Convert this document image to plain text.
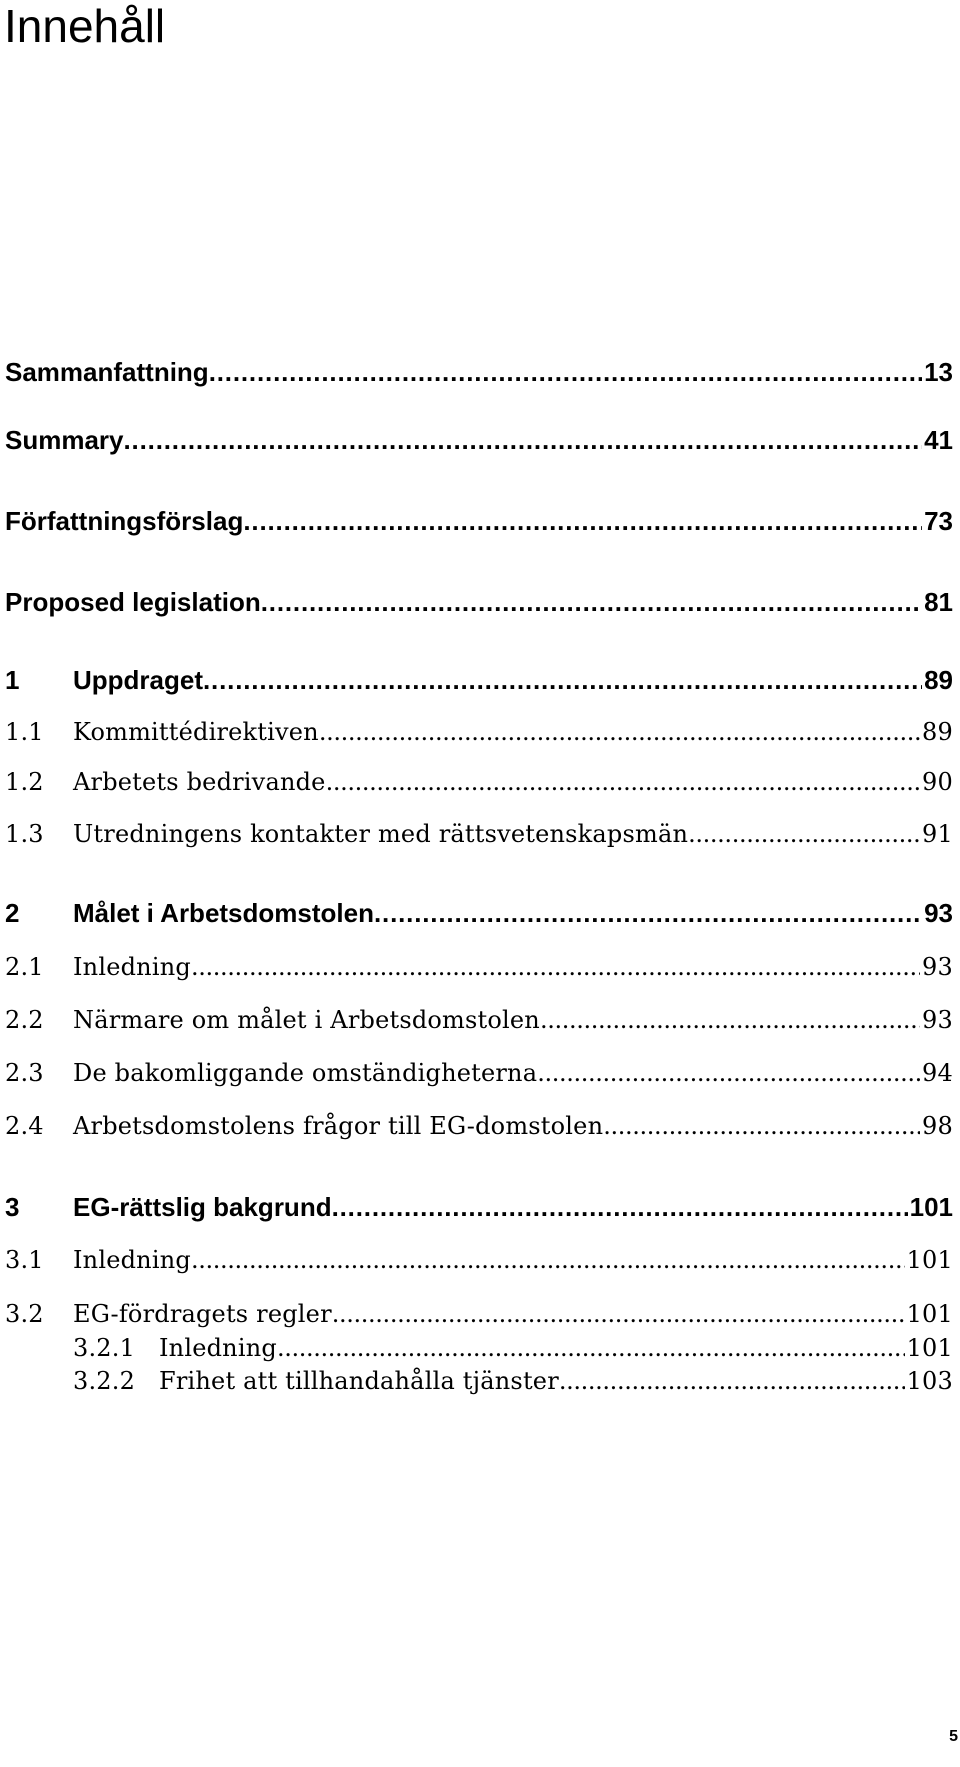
Innehåll
Sammanfattning . . .	13
Summary . . .	41
Författningsförslag . . .	73
Proposed legislation . . .	81
1	Uppdraget . . .	89
1.1	Kommittédirektiven . . .	89
1.2	Arbetets bedrivande . . .	90
1.3	Utredningens kontakter med rättsvetenskapsmän . . .	91
2	Målet i Arbetsdomstolen . . .	93
2.1	Inledning . . .	93
2.2	Närmare om målet i Arbetsdomstolen . . .	93
2.3	De bakomliggande omständigheterna . . .	94
2.4	Arbetsdomstolens frågor till EG-domstolen . . .	98
3	EG-rättslig bakgrund . . .	101
3.1	Inledning . . .	101
3.2	EG-fördragets regler . . .	101
3.2.1 Inledning . . .	101
3.2.2 Frihet att tillhandahålla tjänster . . .	103
5
